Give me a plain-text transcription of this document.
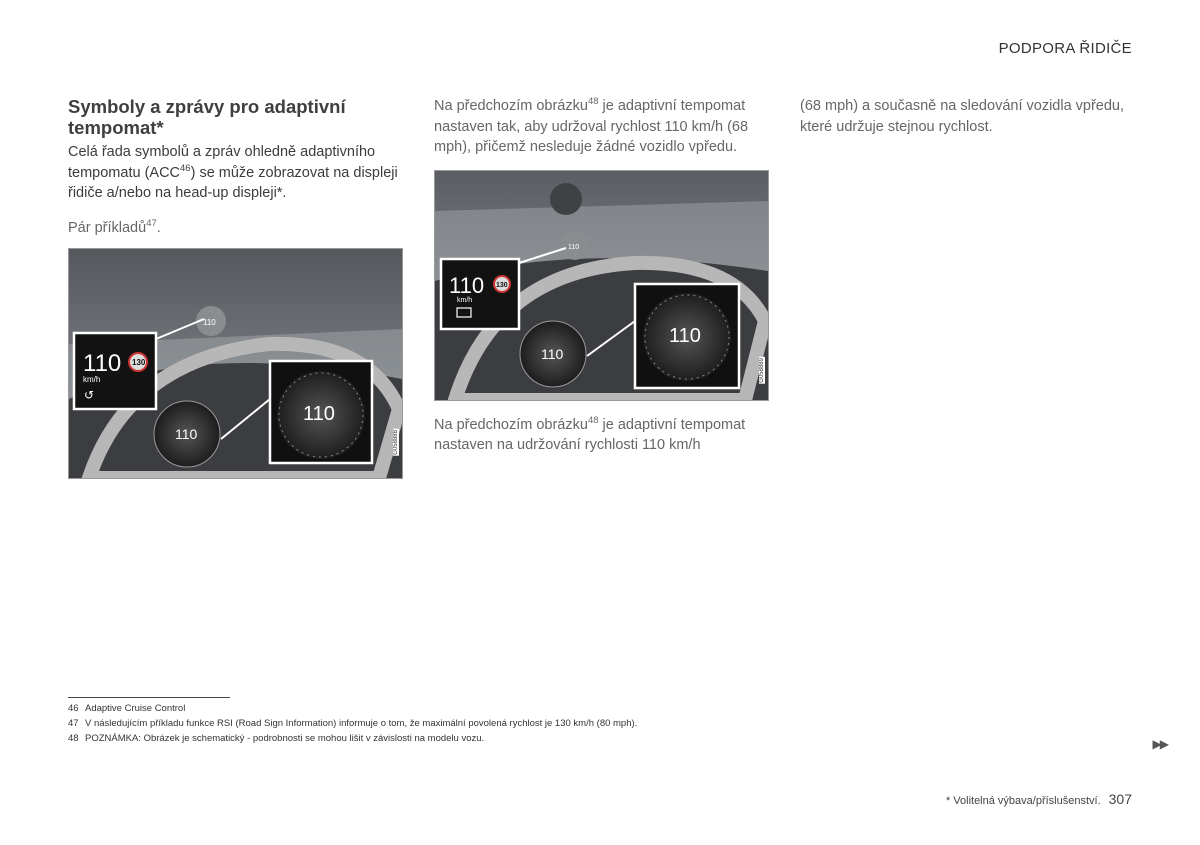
PODPORA ŘIDIČE
Symboly a zprávy pro adaptivní
tempomat*

Celá řada symbolů a zpráv ohledně adaptivního tempomatu (ACC$^{46}$) se může zobrazovat na displeji řidiče a/nebo na head-up displeji*.

Pár příkladů$^{47}$.

110
110
110
110
km/h
130
↺
G058888

Na předchozím obrázku$^{48}$ je adaptivní tempomat nastaven tak, aby udržoval rychlost 110 km/h (68 mph), přičemž nesleduje žádné vozidlo vpředu.

110
110
110
110
km/h
130
G058889

Na předchozím obrázku$^{48}$ je adaptivní tempomat nastaven na udržování rychlosti 110 km/h

(68 mph) a současně na sledování vozidla vpředu, které udržuje stejnou rychlost.

46 Adaptive Cruise Control
47 V následujícím příkladu funkce RSI (Road Sign Information) informuje o tom, že maximální povolená rychlost je 130 km/h (80 mph).
48 POZNÁMKA: Obrázek je schematický - podrobnosti se mohou lišit v závislosti na modelu vozu.	▶▶
* Volitelná výbava/příslušenství. 307
